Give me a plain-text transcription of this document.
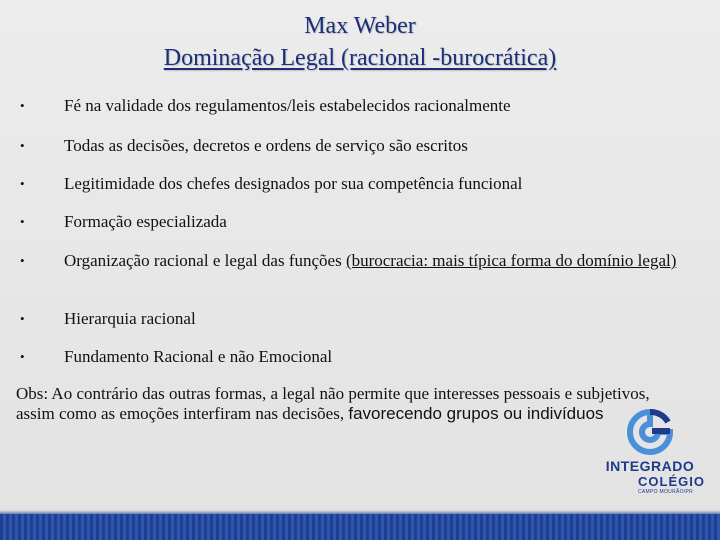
Max Weber
Dominação Legal (racional -burocrática)
•	Fé na validade dos regulamentos/leis estabelecidos racionalmente
•	Todas as decisões, decretos e ordens de serviço são escritos
•	Legitimidade dos chefes designados por sua competência funcional
•	Formação especializada
•	Organização racional e legal das funções (burocracia: mais típica forma do domínio legal)
•	Hierarquia racional
•	Fundamento Racional e não Emocional
Obs: Ao contrário das outras formas, a legal não permite que interesses pessoais e subjetivos, assim como as emoções interfiram nas decisões, favorecendo grupos ou indivíduos
INTEGRADO
COLÉGIO
CAMPO MOURÃO/PR
